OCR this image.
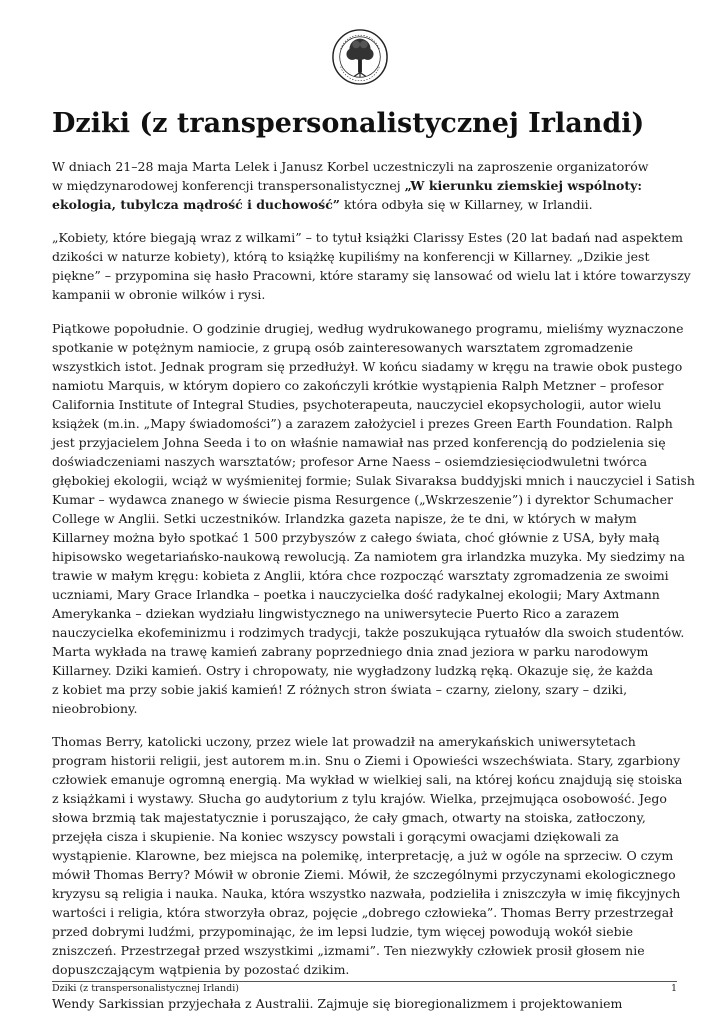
Dziki (z transpersonalistycznej Irlandi)

W dniach 21–28 maja Marta Lelek i Janusz Korbel uczestniczyli na zaproszenie organizatorów
w międzynarodowej konferencji transpersonalistycznej „W kierunku ziemskiej wspólnoty:
ekologia, tubylcza mądrość i duchowość” która odbyła się w Killarney, w Irlandii.

„Kobiety, które biegają wraz z wilkami” – to tytuł książki Clarissy Estes (20 lat badań nad aspektem
dzikości w naturze kobiety), którą to książkę kupiliśmy na konferencji w Killarney. „Dzikie jest
piękne” – przypomina się hasło Pracowni, które staramy się lansować od wielu lat i które towarzyszy
kampanii w obronie wilków i rysi.

Piątkowe popołudnie. O godzinie drugiej, według wydrukowanego programu, mieliśmy wyznaczone
spotkanie w potężnym namiocie, z grupą osób zainteresowanych warsztatem zgromadzenie
wszystkich istot. Jednak program się przedłużył. W końcu siadamy w kręgu na trawie obok pustego
namiotu Marquis, w którym dopiero co zakończyli krótkie wystąpienia Ralph Metzner – profesor
California Institute of Integral Studies, psychoterapeuta, nauczyciel ekopsychologii, autor wielu
książek (m.in. „Mapy świadomości”) a zarazem założyciel i prezes Green Earth Foundation. Ralph
jest przyjacielem Johna Seeda i to on właśnie namawiał nas przed konferencją do podzielenia się
doświadczeniami naszych warsztatów; profesor Arne Naess – osiemdziesięciodwuletni twórca
głębokiej ekologii, wciąż w wyśmienitej formie; Sulak Sivaraksa buddyjski mnich i nauczyciel i Satish
Kumar – wydawca znanego w świecie pisma Resurgence („Wskrzeszenie”) i dyrektor Schumacher
College w Anglii. Setki uczestników. Irlandzka gazeta napisze, że te dni, w których w małym
Killarney można było spotkać 1 500 przybyszów z całego świata, choć głównie z USA, były małą
hipisowsko wegetariańsko-naukową rewolucją. Za namiotem gra irlandzka muzyka. My siedzimy na
trawie w małym kręgu: kobieta z Anglii, która chce rozpocząć warsztaty zgromadzenia ze swoimi
uczniami, Mary Grace Irlandka – poetka i nauczycielka dość radykalnej ekologii; Mary Axtmann
Amerykanka – dziekan wydziału lingwistycznego na uniwersytecie Puerto Rico a zarazem
nauczycielka ekofeminizmu i rodzimych tradycji, także poszukująca rytuałów dla swoich studentów.
Marta wykłada na trawę kamień zabrany poprzedniego dnia znad jeziora w parku narodowym
Killarney. Dziki kamień. Ostry i chropowaty, nie wygładzony ludzką ręką. Okazuje się, że każda
z kobiet ma przy sobie jakiś kamień! Z różnych stron świata – czarny, zielony, szary – dziki,
nieobrobiony.

Thomas Berry, katolicki uczony, przez wiele lat prowadził na amerykańskich uniwersytetach
program historii religii, jest autorem m.in. Snu o Ziemi i Opowieści wszechświata. Stary, zgarbiony
człowiek emanuje ogromną energią. Ma wykład w wielkiej sali, na której końcu znajdują się stoiska
z książkami i wystawy. Słucha go audytorium z tylu krajów. Wielka, przejmująca osobowość. Jego
słowa brzmią tak majestatycznie i poruszająco, że cały gmach, otwarty na stoiska, zatłoczony,
przejęła cisza i skupienie. Na koniec wszyscy powstali i gorącymi owacjami dziękowali za
wystąpienie. Klarowne, bez miejsca na polemikę, interpretację, a już w ogóle na sprzeciw. O czym
mówił Thomas Berry? Mówił w obronie Ziemi. Mówił, że szczególnymi przyczynami ekologicznego
kryzysu są religia i nauka. Nauka, która wszystko nazwała, podzieliła i zniszczyła w imię fikcyjnych
wartości i religia, która stworzyła obraz, pojęcie „dobrego człowieka”. Thomas Berry przestrzegał
przed dobrymi ludźmi, przypominając, że im lepsi ludzie, tym więcej powodują wokół siebie
zniszczeń. Przestrzegał przed wszystkimi „izmami”. Ten niezwykły człowiek prosił głosem nie
dopuszczającym wątpienia by pozostać dzikim.

Wendy Sarkissian przyjechała z Australii. Zajmuje się bioregionalizmem i projektowaniem

Dziki (z transpersonalistycznej Irlandi)	1
